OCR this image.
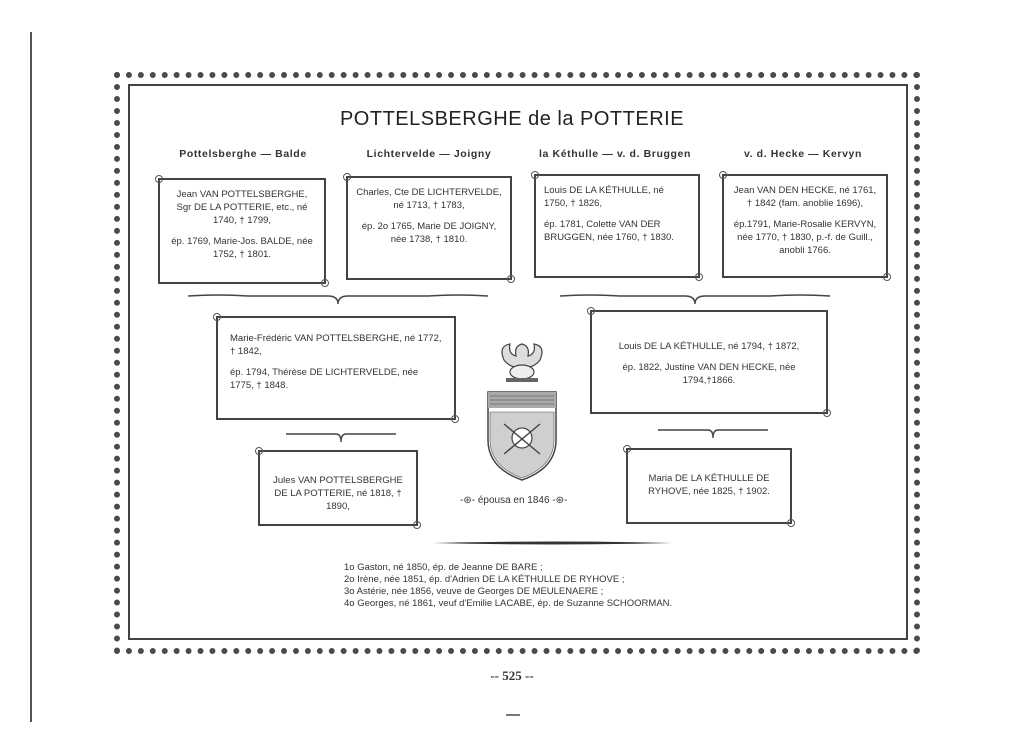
POTTELSBERGHE de la POTTERIE
Pottelsberghe — Balde	Lichtervelde — Joigny	la Kéthulle — v. d. Bruggen	v. d. Hecke — Kervyn

Jean VAN POTTELSBERGHE, Sgr DE LA POTTERIE, etc., né 1740, † 1799,

ép. 1769, Marie-Jos. BALDE, née 1752, † 1801.

Charles, Cte DE LICHTERVELDE, né 1713, † 1783,

ép. 2o 1765, Marie DE JOIGNY, née 1738, † 1810.

Louis DE LA KÉTHULLE, né 1750, † 1826,

ép. 1781, Colette VAN DER BRUGGEN, née 1760, † 1830.

Jean VAN DEN HECKE, né 1761, † 1842 (fam. anoblie 1696),

ép.1791, Marie-Rosalie KERVYN, née 1770, † 1830, p.-f. de Guill., anobli 1766.

Marie-Frédéric VAN POTTELSBERGHE, né 1772, † 1842,

ép. 1794, Thérèse DE LICHTERVELDE, née 1775, † 1848.

Louis DE LA KÉTHULLE, né 1794, † 1872,

ép. 1822, Justine VAN DEN HECKE, née 1794,†1866.

Jules VAN POTTELSBERGHE DE LA POTTERIE, né 1818, † 1890,

Maria DE LA KÉTHULLE DE RYHOVE, née 1825, † 1902.

-⊛- épousa en 1846 -⊛-
1o Gaston, né 1850, ép. de Jeanne DE BARE ;
2o Irène, née 1851, ép. d'Adrien DE LA KÉTHULLE DE RYHOVE ;
3o Astérie, née 1856, veuve de Georges DE MEULENAERE ;
4o Georges, né 1861, veuf d'Emilie LACABE, ép. de Suzanne SCHOORMAN.
-- 525 --
